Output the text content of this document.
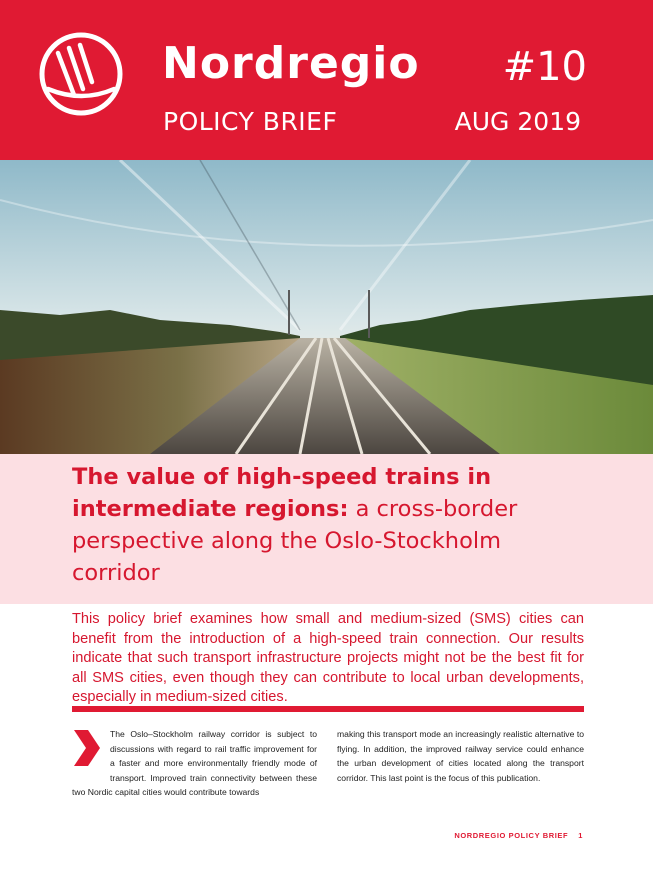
Nordregio #10
POLICY BRIEF	AUG 2019
The value of high-speed trains in intermediate regions: a cross-border perspective along the Oslo-Stockholm corridor
This policy brief examines how small and medium-sized (SMS) cities can benefit from the introduction of a high-speed train connection. Our results indicate that such transport infrastructure projects might not be the best fit for all SMS cities, even though they can contribute to local urban developments, especially in medium-sized cities.
The Oslo–Stockholm railway corridor is subject to discussions with regard to rail traffic improvement for a faster and more environmentally friendly mode of transport. Improved train connectivity between these two Nordic capital cities would contribute towards
making this transport mode an increasingly realistic alternative to flying. In addition, the improved railway service could enhance the urban development of cities located along the transport corridor. This last point is the focus of this publication.
NORDREGIO POLICY BRIEF 1
